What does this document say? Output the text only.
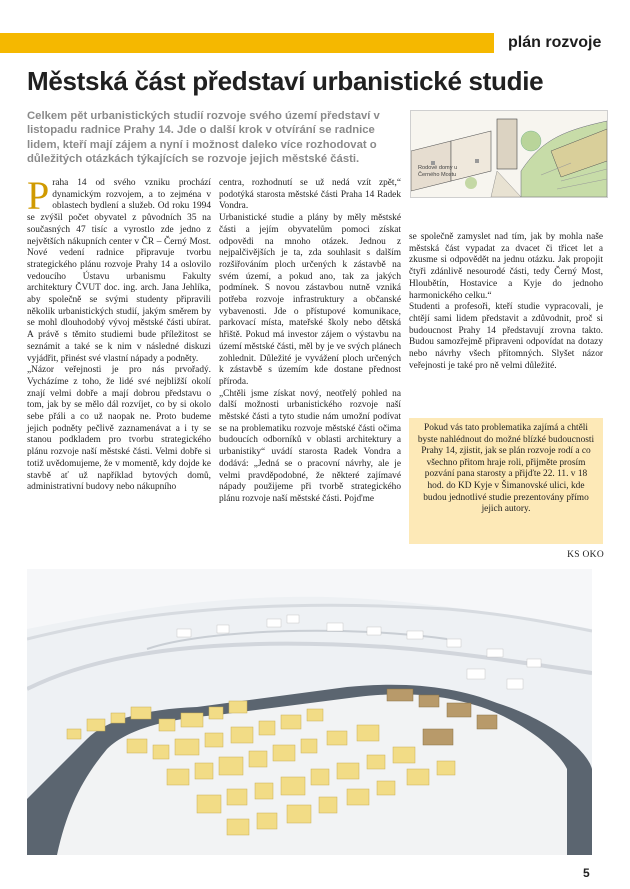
plán rozvoje
Městská část představí urbanistické studie

Celkem pět urbanistických studií rozvoje svého území představí v listopadu radnice Prahy 14. Jde o další krok v otvírání se radnice lidem, kteří mají zájem a nyní i možnost daleko více rozhodovat o důležitých otázkách týkajících se rozvoje jejich městské části.

Rodové domy u Černého Mostu

Praha 14 od svého vzniku prochází dynamickým rozvojem, a to zejména v oblastech bydlení a služeb. Od roku 1994 se zvýšil počet obyvatel z původních 35 na současných 47 tisíc a vyrostlo zde jedno z největších nákupních center v ČR – Černý Most. Nové vedení radnice připravuje tvorbu strategického plánu rozvoje Prahy 14 a oslovilo vedoucího Ústavu urbanismu Fakulty architektury ČVUT doc. ing. arch. Jana Jehlíka, aby společně se svými studenty připravili několik urbanistických studií, jakým směrem by se mohl dlouhodobý vývoj městské části ubírat. A právě s těmito studiemi bude příležitost se seznámit a také se k nim v následné diskuzi vyjádřit, přinést své vlastní nápady a podněty.

„Názor veřejnosti je pro nás prvořadý. Vycházíme z toho, že lidé své nejbližší okolí znají velmi dobře a mají dobrou představu o tom, jak by se mělo dál rozvíjet, co by si okolo sebe přáli a co už naopak ne. Proto budeme jejich podněty pečlivě zaznamenávat a i ty se stanou podkladem pro tvorbu strategického plánu rozvoje naší městské části. Velmi dobře si totiž uvědomujeme, že v momentě, kdy dojde ke stavbě ať už například bytových domů, administrativní budovy nebo nákupního

centra, rozhodnutí se už nedá vzít zpět,“ podotýká starosta městské části Praha 14 Radek Vondra.

Urbanistické studie a plány by měly městské části a jejím obyvatelům pomoci získat odpovědi na mnoho otázek. Jednou z nejpalčivějších je ta, zda souhlasit s dalším rozšiřováním ploch určených k zástavbě na svém území, a pokud ano, tak za jakých podmínek. S novou zástavbou nutně vzniká potřeba rozvoje infrastruktury a občanské vybavenosti. Jde o přístupové komunikace, parkovací místa, mateřské školy nebo dětská hřiště. Pokud má investor zájem o výstavbu na území městské části, měl by je ve svých plánech zohlednit. Důležité je vyvážení ploch určených k zástavbě s územím kde dostane přednost příroda.

„Chtěli jsme získat nový, neotřelý pohled na další možnosti urbanistického rozvoje naší městské části a tyto studie nám umožní podívat se na problematiku rozvoje městské části očima budoucích odborníků v oblasti architektury a urbanistiky“ uvádí starosta Radek Vondra a dodává: „Jedná se o pracovní návrhy, ale je velmi pravděpodobné, že některé zajímavé nápady použijeme při tvorbě strategického plánu rozvoje naší městské části. Pojďme

se společně zamyslet nad tím, jak by mohla naše městská část vypadat za dvacet či třicet let a zkusme si odpovědět na jednu otázku. Jak propojit čtyři zdánlivě nesourodé části, tedy Černý Most, Hloubětín, Hostavice a Kyje do jednoho harmonického celku.“

Studenti a profesoři, kteří studie vypracovali, je chtějí sami lidem představit a zdůvodnit, proč si budoucnost Prahy 14 představují zrovna takto. Budou samozřejmě připraveni odpovídat na dotazy nebo návrhy všech přítomných. Slyšet názor veřejnosti je také pro ně velmi důležité.

Pokud vás tato problematika zajímá a chtěli byste nahlédnout do možné blízké budoucnosti Prahy 14, zjistit, jak se plán rozvoje rodí a co všechno přitom hraje roli, přijměte prosím pozvání pana starosty a přijďte 22. 11. v 18 hod. do KD Kyje v Šimanovské ulici, kde budou jednotlivé studie prezentovány přímo jejich autory.
KS OKO
5
